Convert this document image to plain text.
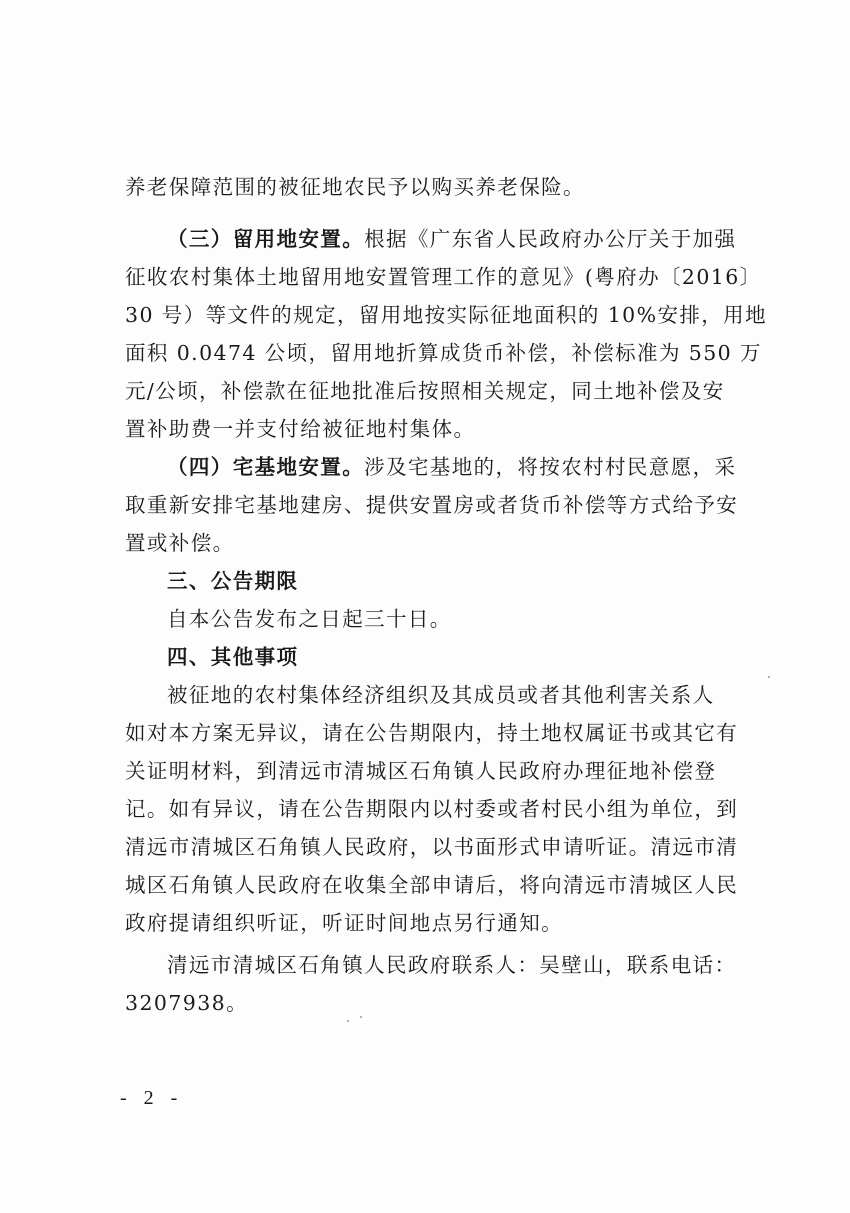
养老保障范围的被征地农民予以购买养老保险。
（三）留用地安置。根据《广东省人民政府办公厅关于加强
征收农村集体土地留用地安置管理工作的意见》(粤府办〔2016〕
30 号）等文件的规定，留用地按实际征地面积的 10%安排，用地
面积 0.0474 公顷，留用地折算成货币补偿，补偿标准为 550 万
元/公顷，补偿款在征地批准后按照相关规定，同土地补偿及安
置补助费一并支付给被征地村集体。
（四）宅基地安置。涉及宅基地的，将按农村村民意愿，采
取重新安排宅基地建房、提供安置房或者货币补偿等方式给予安
置或补偿。
三、公告期限
自本公告发布之日起三十日。
四、其他事项
被征地的农村集体经济组织及其成员或者其他利害关系人
如对本方案无异议，请在公告期限内，持土地权属证书或其它有
关证明材料，到清远市清城区石角镇人民政府办理征地补偿登
记。如有异议，请在公告期限内以村委或者村民小组为单位，到
清远市清城区石角镇人民政府，以书面形式申请听证。清远市清
城区石角镇人民政府在收集全部申请后，将向清远市清城区人民
政府提请组织听证，听证时间地点另行通知。
清远市清城区石角镇人民政府联系人：吴壁山，联系电话：
3207938。
- 2 -
